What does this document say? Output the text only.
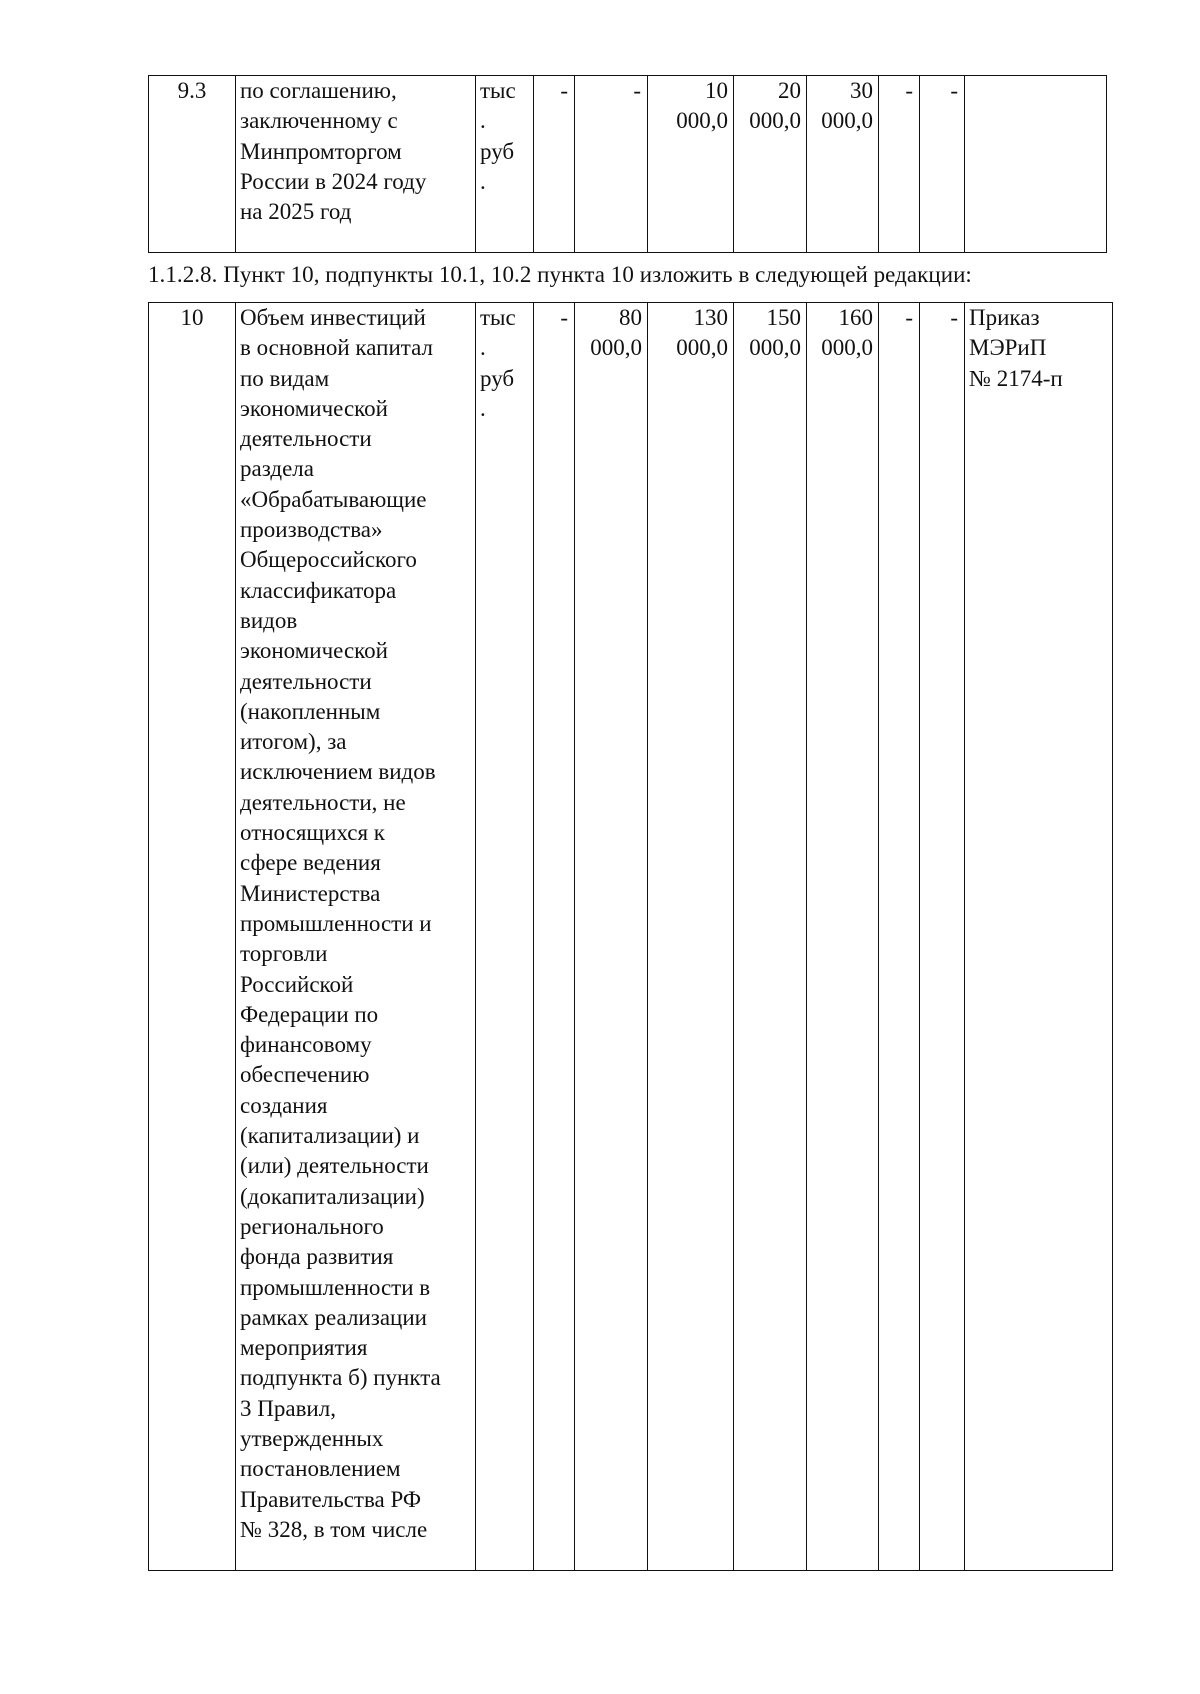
9.3	по соглашению,
заключенному с
Минпромторгом
России в 2024 году
на 2025 год	тыс
.
руб
.	-	-	10
000,0	20
000,0	30
000,0	-	-	
1.1.2.8. Пункт 10, подпункты 10.1, 10.2 пункта 10 изложить в следующей редакции:
10	Объем инвестиций
в основной капитал
по видам
экономической
деятельности
раздела
«Обрабатывающие
производства»
Общероссийского
классификатора
видов
экономической
деятельности
(накопленным
итогом), за
исключением видов
деятельности, не
относящихся к
сфере ведения
Министерства
промышленности и
торговли
Российской
Федерации по
финансовому
обеспечению
создания
(капитализации) и
(или) деятельности
(докапитализации)
регионального
фонда развития
промышленности в
рамках реализации
мероприятия
подпункта б) пункта
3 Правил,
утвержденных
постановлением
Правительства РФ
№ 328, в том числе	тыс
.
руб
.	-	80
000,0	130
000,0	150
000,0	160
000,0	-	-	Приказ
МЭРиП
№ 2174-п
